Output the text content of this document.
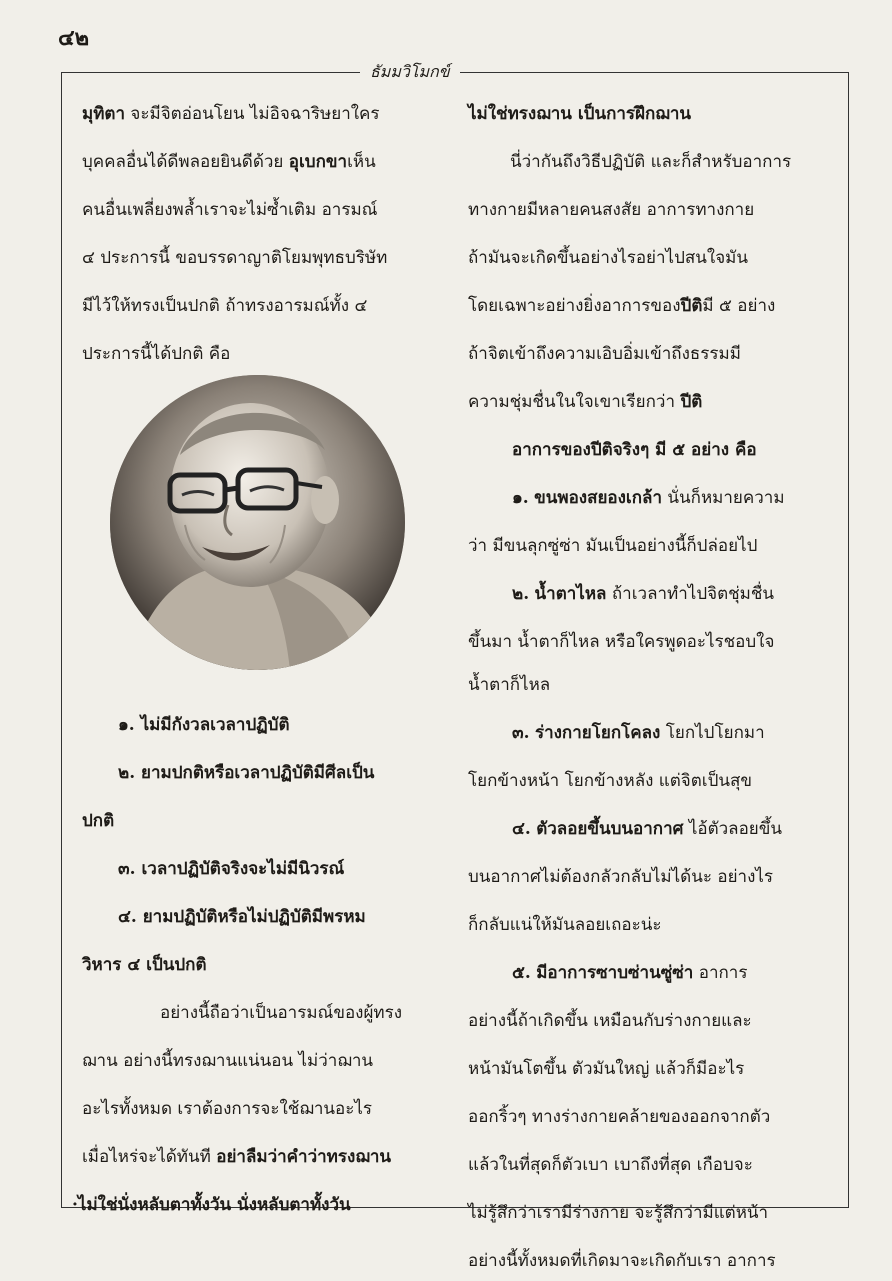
๔๒
ธัมมวิโมกข์
มุทิตา จะมีจิตอ่อนโยน ไม่อิจฉาริษยาใคร
บุคคลอื่นได้ดีพลอยยินดีด้วย อุเบกขาเห็น
คนอื่นเพลี่ยงพล้ำเราจะไม่ซ้ำเติม อารมณ์
๔ ประการนี้ ขอบรรดาญาติโยมพุทธบริษัท
มีไว้ให้ทรงเป็นปกติ ถ้าทรงอารมณ์ทั้ง ๔
ประการนี้ได้ปกติ คือ
๑. ไม่มีกังวลเวลาปฏิบัติ
๒. ยามปกติหรือเวลาปฏิบัติมีศีลเป็น
ปกติ
๓. เวลาปฏิบัติจริงจะไม่มีนิวรณ์
๔. ยามปฏิบัติหรือไม่ปฏิบัติมีพรหม
วิหาร ๔ เป็นปกติ
อย่างนี้ถือว่าเป็นอารมณ์ของผู้ทรง
ฌาน อย่างนี้ทรงฌานแน่นอน ไม่ว่าฌาน
อะไรทั้งหมด เราต้องการจะใช้ฌานอะไร
เมื่อไหร่จะได้ทันที อย่าลืมว่าคำว่าทรงฌาน
·ไม่ใช่นั่งหลับตาทั้งวัน นั่งหลับตาทั้งวัน
ไม่ใช่ทรงฌาน เป็นการฝึกฌาน
นี่ว่ากันถึงวิธีปฏิบัติ และก็สำหรับอาการ
ทางกายมีหลายคนสงสัย อาการทางกาย
ถ้ามันจะเกิดขึ้นอย่างไรอย่าไปสนใจมัน
โดยเฉพาะอย่างยิ่งอาการของปีติมี ๕ อย่าง
ถ้าจิตเข้าถึงความเอิบอิ่มเข้าถึงธรรมมี
ความชุ่มชื่นในใจเขาเรียกว่า ปีติ
อาการของปีติจริงๆ มี ๕ อย่าง คือ
๑. ขนพองสยองเกล้า นั่นก็หมายความ
ว่า มีขนลุกซู่ซ่า มันเป็นอย่างนี้ก็ปล่อยไป
๒. น้ำตาไหล ถ้าเวลาทำไปจิตชุ่มชื่น
ขึ้นมา น้ำตาก็ไหล หรือใครพูดอะไรชอบใจ
น้ำตาก็ไหล
๓. ร่างกายโยกโคลง โยกไปโยกมา
โยกข้างหน้า โยกข้างหลัง แต่จิตเป็นสุข
๔. ตัวลอยขึ้นบนอากาศ ไอ้ตัวลอยขึ้น
บนอากาศไม่ต้องกลัวกลับไม่ได้นะ อย่างไร
ก็กลับแน่ให้มันลอยเถอะน่ะ
๕. มีอาการซาบซ่านซู่ซ่า อาการ
อย่างนี้ถ้าเกิดขึ้น เหมือนกับร่างกายและ
หน้ามันโตขึ้น ตัวมันใหญ่ แล้วก็มีอะไร
ออกริ้วๆ ทางร่างกายคล้ายของออกจากตัว
แล้วในที่สุดก็ตัวเบา เบาถึงที่สุด เกือบจะ
ไม่รู้สึกว่าเรามีร่างกาย จะรู้สึกว่ามีแต่หน้า
อย่างนี้ทั้งหมดที่เกิดมาจะเกิดกับเรา อาการ
